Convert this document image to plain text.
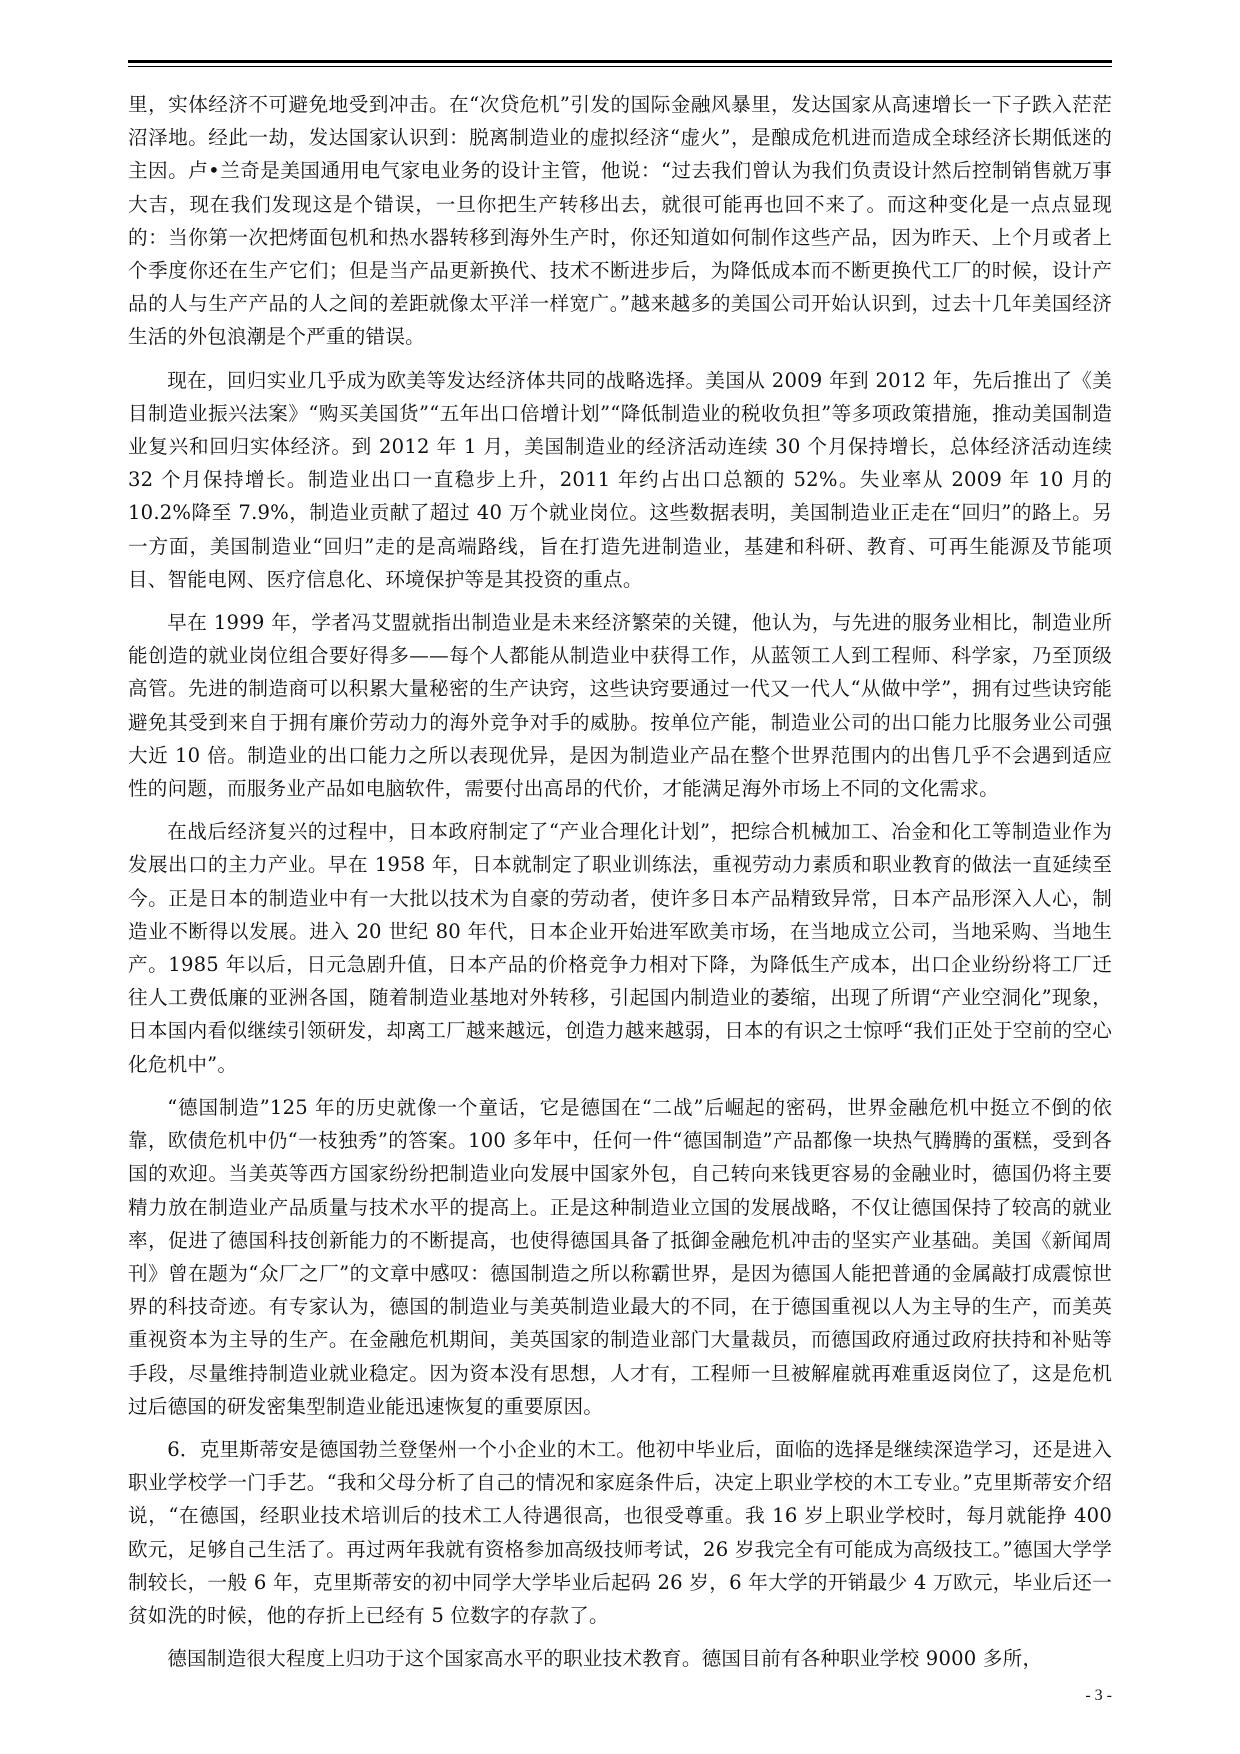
里，实体经济不可避免地受到冲击。在“次贷危机”引发的国际金融风暴里，发达国家从高速增长一下子跌入茫茫沼泽地。经此一劫，发达国家认识到：脱离制造业的虚拟经济“虚火”，是酿成危机进而造成全球经济长期低迷的主因。卢•兰奇是美国通用电气家电业务的设计主管，他说：“过去我们曾认为我们负责设计然后控制销售就万事大吉，现在我们发现这是个错误，一旦你把生产转移出去，就很可能再也回不来了。而这种变化是一点点显现的：当你第一次把烤面包机和热水器转移到海外生产时，你还知道如何制作这些产品，因为昨天、上个月或者上个季度你还在生产它们；但是当产品更新换代、技术不断进步后，为降低成本而不断更换代工厂的时候，设计产品的人与生产产品的人之间的差距就像太平洋一样宽广。”越来越多的美国公司开始认识到，过去十几年美国经济生活的外包浪潮是个严重的错误。

现在，回归实业几乎成为欧美等发达经济体共同的战略选择。美国从 2009 年到 2012 年，先后推出了《美目制造业振兴法案》“购买美国货”“五年出口倍增计划”“降低制造业的税收负担”等多项政策措施，推动美国制造业复兴和回归实体经济。到 2012 年 1 月，美国制造业的经济活动连续 30 个月保持增长，总体经济活动连续 32 个月保持增长。制造业出口一直稳步上升，2011 年约占出口总额的 52%。失业率从 2009 年 10 月的 10.2%降至 7.9%，制造业贡献了超过 40 万个就业岗位。这些数据表明，美国制造业正走在“回归”的路上。另一方面，美国制造业“回归”走的是高端路线，旨在打造先进制造业，基建和科研、教育、可再生能源及节能项目、智能电网、医疗信息化、环境保护等是其投资的重点。

早在 1999 年，学者冯艾盟就指出制造业是未来经济繁荣的关键，他认为，与先进的服务业相比，制造业所能创造的就业岗位组合要好得多——每个人都能从制造业中获得工作，从蓝领工人到工程师、科学家，乃至顶级高管。先进的制造商可以积累大量秘密的生产诀窍，这些诀窍要通过一代又一代人“从做中学”，拥有过些诀窍能避免其受到来自于拥有廉价劳动力的海外竞争对手的威胁。按单位产能，制造业公司的出口能力比服务业公司强大近 10 倍。制造业的出口能力之所以表现优异，是因为制造业产品在整个世界范围内的出售几乎不会遇到适应性的问题，而服务业产品如电脑软件，需要付出高昂的代价，才能满足海外市场上不同的文化需求。

在战后经济复兴的过程中，日本政府制定了“产业合理化计划”，把综合机械加工、冶金和化工等制造业作为发展出口的主力产业。早在 1958 年，日本就制定了职业训练法，重视劳动力素质和职业教育的做法一直延续至今。正是日本的制造业中有一大批以技术为自豪的劳动者，使许多日本产品精致异常，日本产品形深入人心，制造业不断得以发展。进入 20 世纪 80 年代，日本企业开始进军欧美市场，在当地成立公司，当地采购、当地生产。1985 年以后，日元急剧升值，日本产品的价格竞争力相对下降，为降低生产成本，出口企业纷纷将工厂迁往人工费低廉的亚洲各国，随着制造业基地对外转移，引起国内制造业的萎缩，出现了所谓“产业空洞化”现象，日本国内看似继续引领研发，却离工厂越来越远，创造力越来越弱，日本的有识之士惊呼“我们正处于空前的空心化危机中”。

“德国制造”125 年的历史就像一个童话，它是德国在“二战”后崛起的密码，世界金融危机中挺立不倒的依靠，欧债危机中仍“一枝独秀”的答案。100 多年中，任何一件“德国制造”产品都像一块热气腾腾的蛋糕，受到各国的欢迎。当美英等西方国家纷纷把制造业向发展中国家外包，自己转向来钱更容易的金融业时，德国仍将主要精力放在制造业产品质量与技术水平的提高上。正是这种制造业立国的发展战略，不仅让德国保持了较高的就业率，促进了德国科技创新能力的不断提高，也使得德国具备了抵御金融危机冲击的坚实产业基础。美国《新闻周刊》曾在题为“众厂之厂”的文章中感叹：德国制造之所以称霸世界，是因为德国人能把普通的金属敲打成震惊世界的科技奇迹。有专家认为，德国的制造业与美英制造业最大的不同，在于德国重视以人为主导的生产，而美英重视资本为主导的生产。在金融危机期间，美英国家的制造业部门大量裁员，而德国政府通过政府扶持和补贴等手段，尽量维持制造业就业稳定。因为资本没有思想，人才有，工程师一旦被解雇就再难重返岗位了，这是危机过后德国的研发密集型制造业能迅速恢复的重要原因。

6．克里斯蒂安是德国勃兰登堡州一个小企业的木工。他初中毕业后，面临的选择是继续深造学习，还是进入职业学校学一门手艺。“我和父母分析了自己的情况和家庭条件后，决定上职业学校的木工专业。”克里斯蒂安介绍说，“在德国，经职业技术培训后的技术工人待遇很高，也很受尊重。我 16 岁上职业学校时，每月就能挣 400 欧元，足够自己生活了。再过两年我就有资格参加高级技师考试，26 岁我完全有可能成为高级技工。”德国大学学制较长，一般 6 年，克里斯蒂安的初中同学大学毕业后起码 26 岁，6 年大学的开销最少 4 万欧元，毕业后还一贫如洗的时候，他的存折上已经有 5 位数字的存款了。

德国制造很大程度上归功于这个国家高水平的职业技术教育。德国目前有各种职业学校 9000 多所，

- 3 -
